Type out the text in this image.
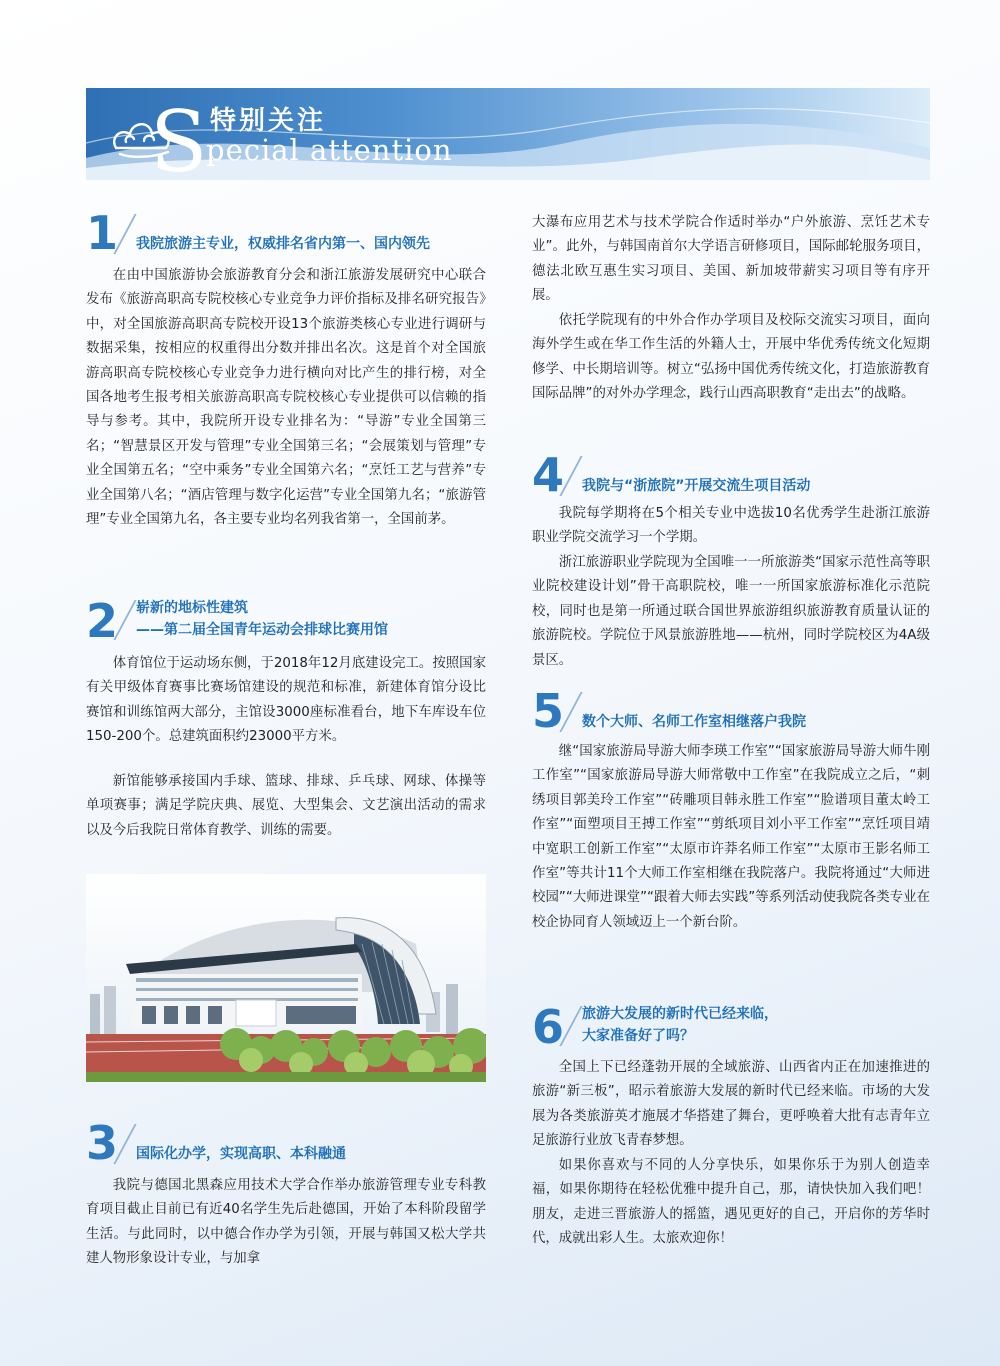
S 特别关注
pecial attention
1 我院旅游主专业，权威排名省内第一、国内领先

在由中国旅游协会旅游教育分会和浙江旅游发展研究中心联合发布《旅游高职高专院校核心专业竞争力评价指标及排名研究报告》中，对全国旅游高职高专院校开设13个旅游类核心专业进行调研与数据采集，按相应的权重得出分数并排出名次。这是首个对全国旅游高职高专院校核心专业竞争力进行横向对比产生的排行榜，对全国各地考生报考相关旅游高职高专院校核心专业提供可以信赖的指导与参考。其中，我院所开设专业排名为：“导游”专业全国第三名；“智慧景区开发与管理”专业全国第三名；“会展策划与管理”专业全国第五名；“空中乘务”专业全国第六名；“烹饪工艺与营养”专业全国第八名；“酒店管理与数字化运营”专业全国第九名；“旅游管理”专业全国第九名，各主要专业均名列我省第一，全国前茅。

2 崭新的地标性建筑
——第二届全国青年运动会排球比赛用馆

体育馆位于运动场东侧，于2018年12月底建设完工。按照国家有关甲级体育赛事比赛场馆建设的规范和标准，新建体育馆分设比赛馆和训练馆两大部分，主馆设3000座标准看台，地下车库设车位150-200个。总建筑面积约23000平方米。

新馆能够承接国内手球、篮球、排球、乒乓球、网球、体操等单项赛事；满足学院庆典、展览、大型集会、文艺演出活动的需求以及今后我院日常体育教学、训练的需要。

3 国际化办学，实现高职、本科融通

我院与德国北黑森应用技术大学合作举办旅游管理专业专科教育项目截止目前已有近40名学生先后赴德国，开始了本科阶段留学生活。与此同时，以中德合作办学为引领，开展与韩国又松大学共建人物形象设计专业，与加拿

大瀑布应用艺术与技术学院合作适时举办“户外旅游、烹饪艺术专业”。此外，与韩国南首尔大学语言研修项目，国际邮轮服务项目，德法北欧互惠生实习项目、美国、新加坡带薪实习项目等有序开展。

依托学院现有的中外合作办学项目及校际交流实习项目，面向海外学生或在华工作生活的外籍人士，开展中华优秀传统文化短期修学、中长期培训等。树立“弘扬中国优秀传统文化，打造旅游教育国际品牌”的对外办学理念，践行山西高职教育“走出去”的战略。

4 我院与“浙旅院”开展交流生项目活动

我院每学期将在5个相关专业中选拔10名优秀学生赴浙江旅游职业学院交流学习一个学期。

浙江旅游职业学院现为全国唯一一所旅游类“国家示范性高等职业院校建设计划”骨干高职院校，唯一一所国家旅游标准化示范院校，同时也是第一所通过联合国世界旅游组织旅游教育质量认证的旅游院校。学院位于风景旅游胜地——杭州，同时学院校区为4A级景区。

5 数个大师、名师工作室相继落户我院

继“国家旅游局导游大师李瑛工作室”“国家旅游局导游大师牛刚工作室”“国家旅游局导游大师常敬中工作室”在我院成立之后，“刺绣项目郭美玲工作室”“砖雕项目韩永胜工作室”“脸谱项目董太岭工作室”“面塑项目王搏工作室”“剪纸项目刘小平工作室”“烹饪项目靖中宽职工创新工作室”“太原市许莽名师工作室”“太原市王影名师工作室”等共计11个大师工作室相继在我院落户。我院将通过“大师进校园”“大师进课堂”“跟着大师去实践”等系列活动使我院各类专业在校企协同育人领域迈上一个新台阶。

6 旅游大发展的新时代已经来临，
大家准备好了吗？

全国上下已经蓬勃开展的全域旅游、山西省内正在加速推进的旅游“新三板”，昭示着旅游大发展的新时代已经来临。市场的大发展为各类旅游英才施展才华搭建了舞台，更呼唤着大批有志青年立足旅游行业放飞青春梦想。

如果你喜欢与不同的人分享快乐，如果你乐于为别人创造幸福，如果你期待在轻松优雅中提升自己，那，请快快加入我们吧！朋友，走进三晋旅游人的摇篮，遇见更好的自己，开启你的芳华时代，成就出彩人生。太旅欢迎你！
